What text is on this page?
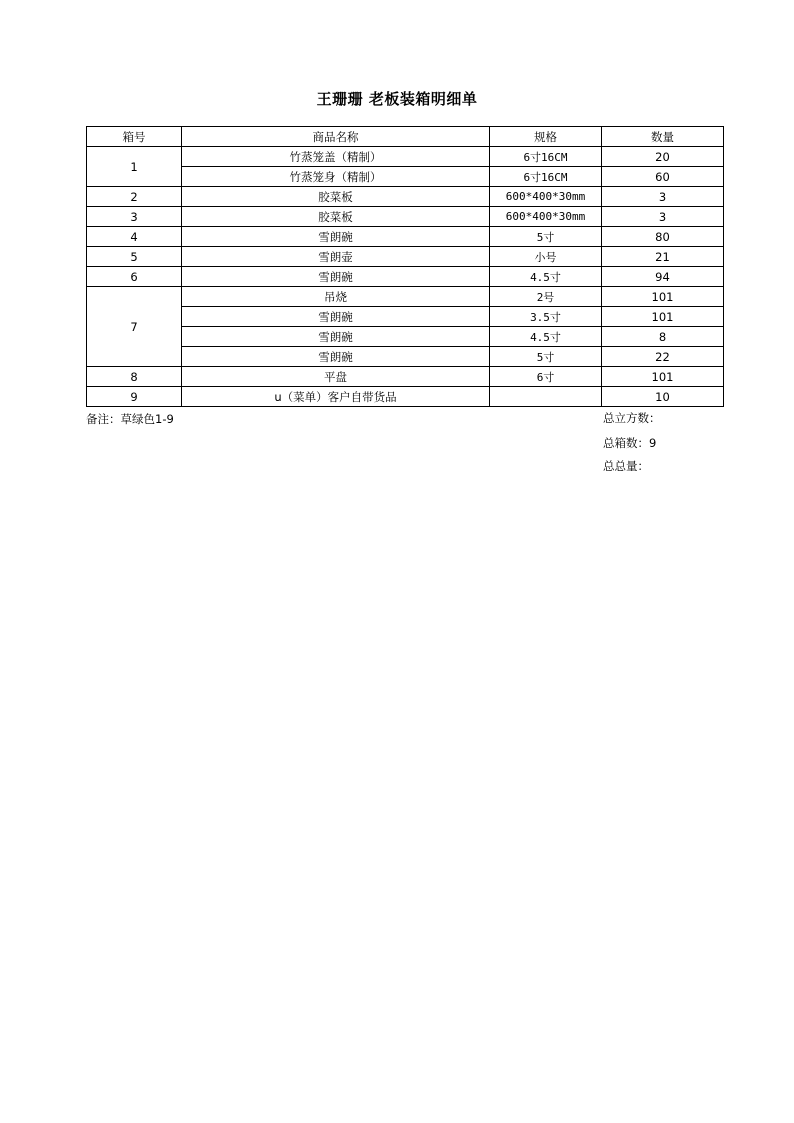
王珊珊 老板装箱明细单
箱号	商品名称	规格	数量
1	竹蒸笼盖（精制）	6寸16CM	20
	竹蒸笼身（精制）	6寸16CM	60
2	胶菜板	600*400*30mm	3
3	胶菜板	600*400*30mm	3
4	雪朗碗	5寸	80
5	雪朗壶	小号	21
6	雪朗碗	4.5寸	94
7	吊烧	2号	101
	雪朗碗	3.5寸	101
	雪朗碗	4.5寸	8
	雪朗碗	5寸	22
8	平盘	6寸	101
9	u（菜单）客户自带货品		10
备注：草绿色1-9	总立方数：
总箱数：9
总总量：
